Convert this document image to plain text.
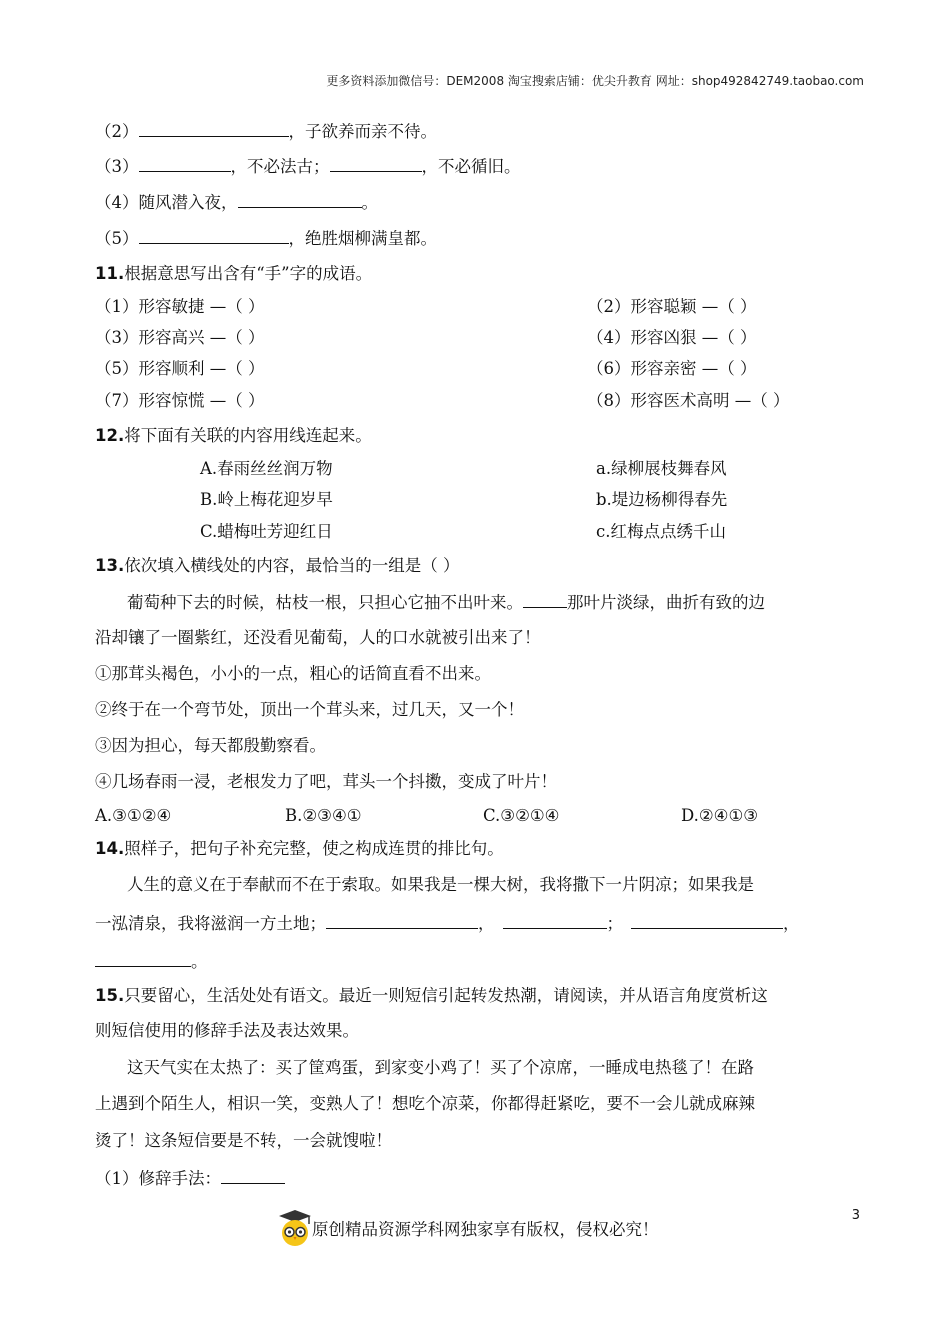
更多资料添加微信号：DEM2008 淘宝搜索店铺：优尖升教育 网址：shop492842749.taobao.com
（2）	，子欲养而亲不待。
（3）	，不必法古；	，不必循旧。
（4）随风潜入夜，	。
（5）	，绝胜烟柳满皇都。
11.根据意思写出含有“手”字的成语。
（1）形容敏捷 —（ ）	（2）形容聪颖 —（ ）
（3）形容高兴 —（ ）	（4）形容凶狠 —（ ）
（5）形容顺利 —（ ）	（6）形容亲密 —（ ）
（7）形容惊慌 —（ ）	（8）形容医术高明 —（ ）
12.将下面有关联的内容用线连起来。
A.春雨丝丝润万物	a.绿柳展枝舞春风
B.岭上梅花迎岁早	b.堤边杨柳得春先
C.蜡梅吐芳迎红日	c.红梅点点绣千山
13.依次填入横线处的内容，最恰当的一组是（ ）
葡萄种下去的时候，枯枝一根，只担心它抽不出叶来。	那叶片淡绿，曲折有致的边
沿却镶了一圈紫红，还没看见葡萄，人的口水就被引出来了！
①那茸头褐色，小小的一点，粗心的话简直看不出来。
②终于在一个弯节处，顶出一个茸头来，过几天，又一个！
③因为担心，每天都殷勤察看。
④几场春雨一浸，老根发力了吧，茸头一个抖擞，变成了叶片！
A.③①②④	B.②③④①	C.③②①④	D.②④①③
14.照样子，把句子补充完整，使之构成连贯的排比句。
人生的意义在于奉献而不在于索取。如果我是一棵大树，我将撒下一片阴凉；如果我是
一泓清泉，我将滋润一方土地；	，	；	，
。
15.只要留心，生活处处有语文。最近一则短信引起转发热潮，请阅读，并从语言角度赏析这
则短信使用的修辞手法及表达效果。
这天气实在太热了：买了筐鸡蛋，到家变小鸡了！买了个凉席，一睡成电热毯了！在路
上遇到个陌生人，相识一笑，变熟人了！想吃个凉菜，你都得赶紧吃，要不一会儿就成麻辣
烫了！这条短信要是不转，一会就馊啦！
（1）修辞手法：
原创精品资源学科网独家享有版权，侵权必究！
3
